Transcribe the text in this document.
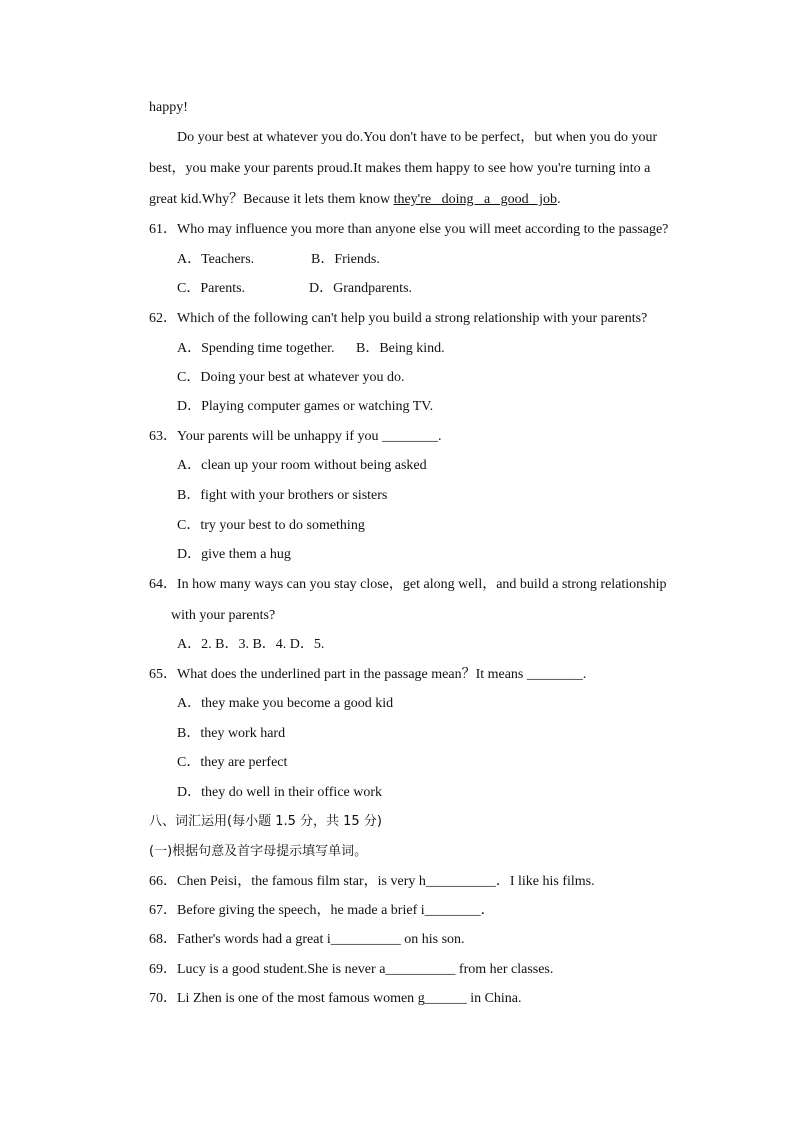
happy!
Do your best at whatever you do.You don't have to be perfect，but when you do your
best，you make your parents proud.It makes them happy to see how you're turning into a
great kid.Why？Because it lets them know they're   doing   a   good   job.
61．Who may influence you more than anyone else you will meet according to the passage?
A．Teachers.	B．Friends.
C．Parents.	D．Grandparents.
62．Which of the following can't help you build a strong relationship with your parents?
A．Spending time together. B．Being kind.
C．Doing your best at whatever you do.
D．Playing computer games or watching TV.
63．Your parents will be unhappy if you ________.
A．clean up your room without being asked
B．fight with your brothers or sisters
C．try your best to do something
D．give them a hug
64．In how many ways can you stay close，get along well，and build a strong relationship
with your parents?
A．2. B．3. B．4. D．5.
65．What does the underlined part in the passage mean？It means ________.
A．they make you become a good kid
B．they work hard
C．they are perfect
D．they do well in their office work
八、词汇运用(每小题 1.5 分，共 15 分)
(一)根据句意及首字母提示填写单词。
66．Chen Peisi，the famous film star，is very h__________．I like his films.
67．Before giving the speech，he made a brief i________．
68．Father's words had a great i__________ on his son.
69．Lucy is a good student.She is never a__________ from her classes.
70．Li Zhen is one of the most famous women g______ in China.
